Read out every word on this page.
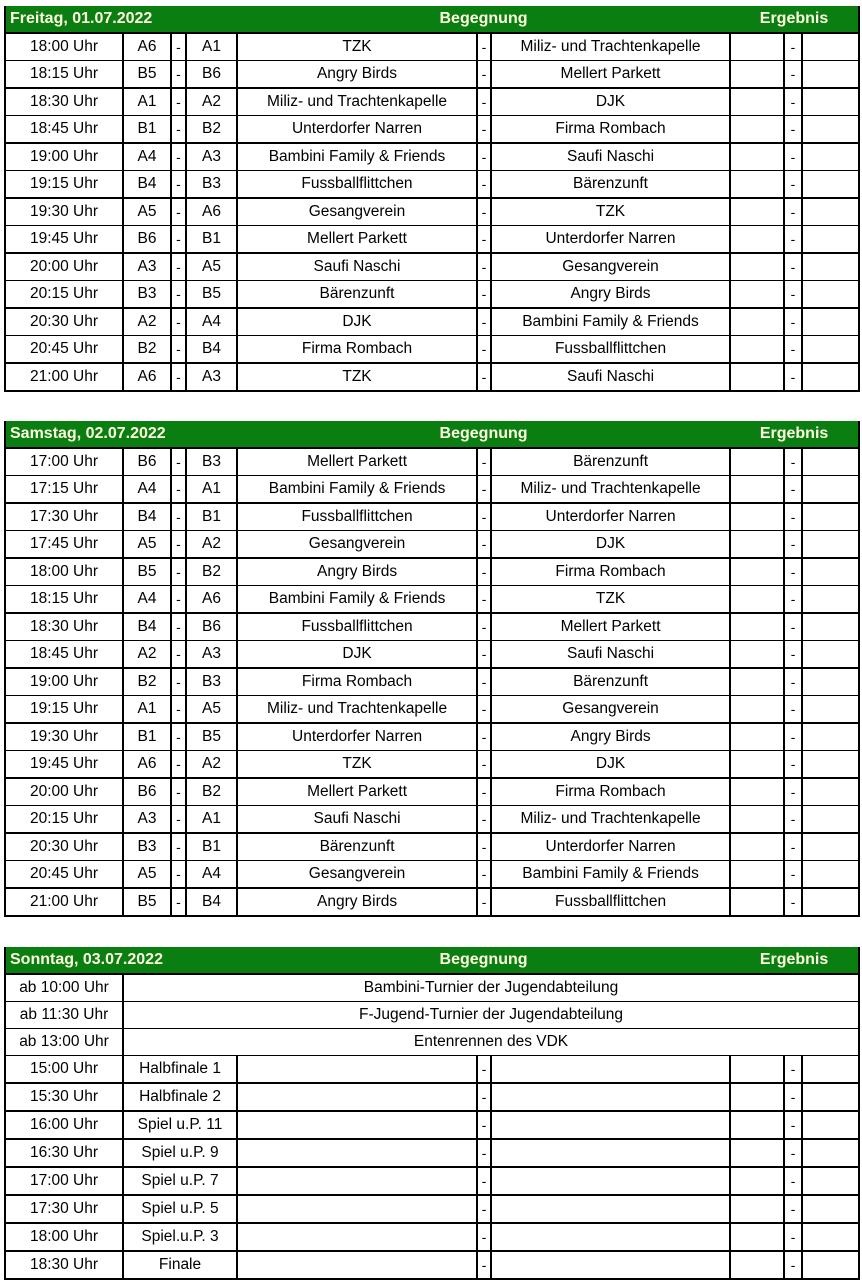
Freitag, 01.07.2022				Begegnung			Ergebnis		
18:00 Uhr	A6	-	A1	TZK	-	Miliz- und Trachtenkapelle		-	
18:15 Uhr	B5	-	B6	Angry Birds	-	Mellert Parkett		-	
18:30 Uhr	A1	-	A2	Miliz- und Trachtenkapelle	-	DJK		-	
18:45 Uhr	B1	-	B2	Unterdorfer Narren	-	Firma Rombach		-	
19:00 Uhr	A4	-	A3	Bambini Family & Friends	-	Saufi Naschi		-	
19:15 Uhr	B4	-	B3	Fussballflittchen	-	Bärenzunft		-	
19:30 Uhr	A5	-	A6	Gesangverein	-	TZK		-	
19:45 Uhr	B6	-	B1	Mellert Parkett	-	Unterdorfer Narren		-	
20:00 Uhr	A3	-	A5	Saufi Naschi	-	Gesangverein		-	
20:15 Uhr	B3	-	B5	Bärenzunft	-	Angry Birds		-	
20:30 Uhr	A2	-	A4	DJK	-	Bambini Family & Friends		-	
20:45 Uhr	B2	-	B4	Firma Rombach	-	Fussballflittchen		-	
21:00 Uhr	A6	-	A3	TZK	-	Saufi Naschi		-	
Samstag, 02.07.2022				Begegnung			Ergebnis		
17:00 Uhr	B6	-	B3	Mellert Parkett	-	Bärenzunft		-	
17:15 Uhr	A4	-	A1	Bambini Family & Friends	-	Miliz- und Trachtenkapelle		-	
17:30 Uhr	B4	-	B1	Fussballflittchen	-	Unterdorfer Narren		-	
17:45 Uhr	A5	-	A2	Gesangverein	-	DJK		-	
18:00 Uhr	B5	-	B2	Angry Birds	-	Firma Rombach		-	
18:15 Uhr	A4	-	A6	Bambini Family & Friends	-	TZK		-	
18:30 Uhr	B4	-	B6	Fussballflittchen	-	Mellert Parkett		-	
18:45 Uhr	A2	-	A3	DJK	-	Saufi Naschi		-	
19:00 Uhr	B2	-	B3	Firma Rombach	-	Bärenzunft		-	
19:15 Uhr	A1	-	A5	Miliz- und Trachtenkapelle	-	Gesangverein		-	
19:30 Uhr	B1	-	B5	Unterdorfer Narren	-	Angry Birds		-	
19:45 Uhr	A6	-	A2	TZK	-	DJK		-	
20:00 Uhr	B6	-	B2	Mellert Parkett	-	Firma Rombach		-	
20:15 Uhr	A3	-	A1	Saufi Naschi	-	Miliz- und Trachtenkapelle		-	
20:30 Uhr	B3	-	B1	Bärenzunft	-	Unterdorfer Narren		-	
20:45 Uhr	A5	-	A4	Gesangverein	-	Bambini Family & Friends		-	
21:00 Uhr	B5	-	B4	Angry Birds	-	Fussballflittchen		-	
Sonntag, 03.07.2022		Begegnung			Ergebnis		
ab 10:00 Uhr	Bambini-Turnier der Jugendabteilung						
ab 11:30 Uhr	F-Jugend-Turnier der Jugendabteilung						
ab 13:00 Uhr	Entenrennen des VDK						
15:00 Uhr	Halbfinale 1		-			-	
15:30 Uhr	Halbfinale 2		-			-	
16:00 Uhr	Spiel u.P. 11		-			-	
16:30 Uhr	Spiel u.P. 9		-			-	
17:00 Uhr	Spiel u.P. 7		-			-	
17:30 Uhr	Spiel u.P. 5		-			-	
18:00 Uhr	Spiel.u.P. 3		-			-	
18:30 Uhr	Finale		-			-	
